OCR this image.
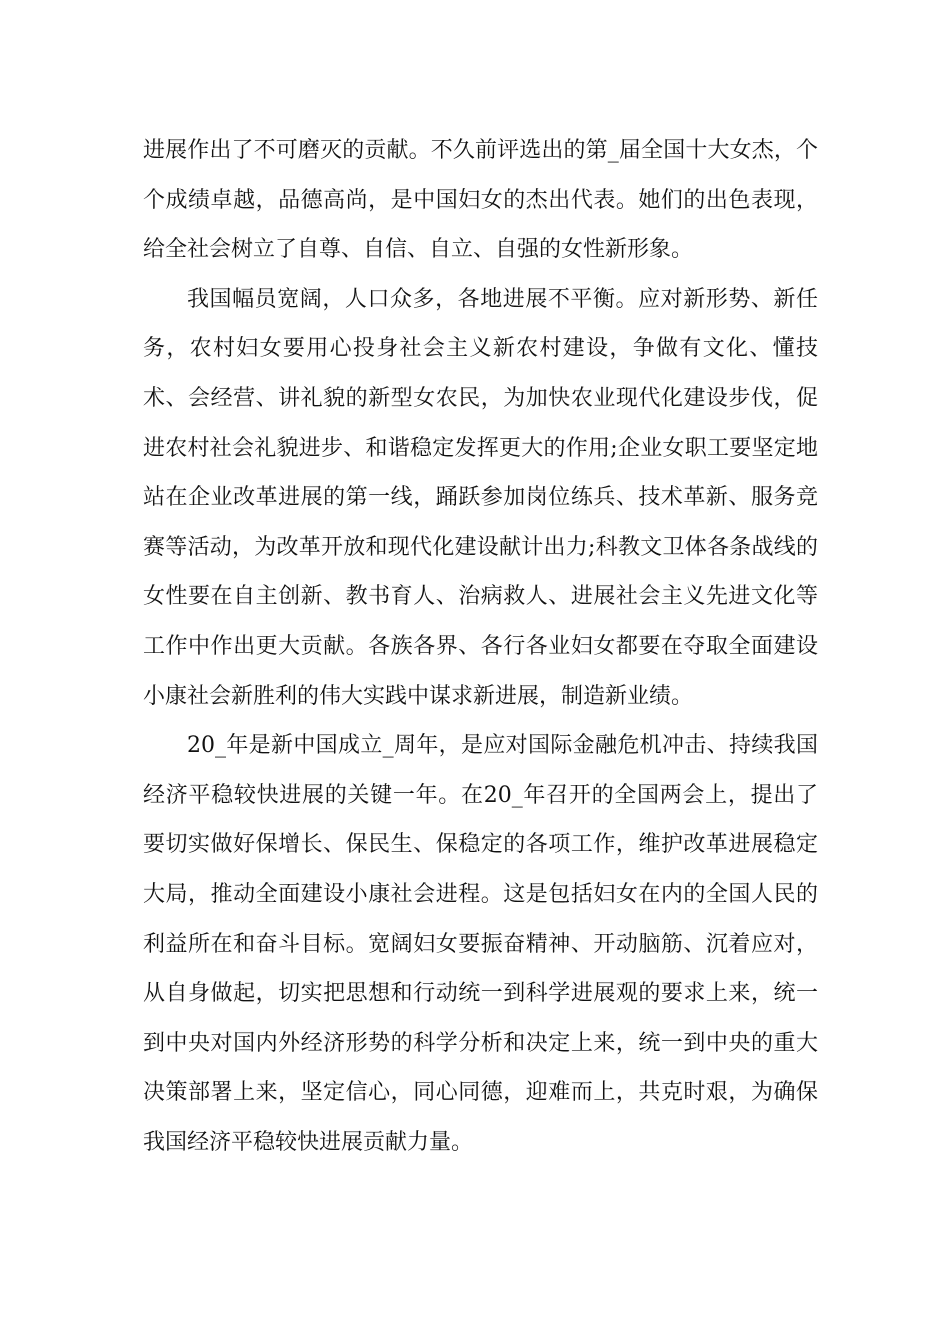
进展作出了不可磨灭的贡献。不久前评选出的第_届全国十大女杰，个个成绩卓越，品德高尚，是中国妇女的杰出代表。她们的出色表现，给全社会树立了自尊、自信、自立、自强的女性新形象。

我国幅员宽阔，人口众多，各地进展不平衡。应对新形势、新任务，农村妇女要用心投身社会主义新农村建设，争做有文化、懂技术、会经营、讲礼貌的新型女农民，为加快农业现代化建设步伐，促进农村社会礼貌进步、和谐稳定发挥更大的作用;企业女职工要坚定地站在企业改革进展的第一线，踊跃参加岗位练兵、技术革新、服务竞赛等活动，为改革开放和现代化建设献计出力;科教文卫体各条战线的女性要在自主创新、教书育人、治病救人、进展社会主义先进文化等工作中作出更大贡献。各族各界、各行各业妇女都要在夺取全面建设小康社会新胜利的伟大实践中谋求新进展，制造新业绩。

20_年是新中国成立_周年，是应对国际金融危机冲击、持续我国经济平稳较快进展的关键一年。在20_年召开的全国两会上，提出了要切实做好保增长、保民生、保稳定的各项工作，维护改革进展稳定大局，推动全面建设小康社会进程。这是包括妇女在内的全国人民的利益所在和奋斗目标。宽阔妇女要振奋精神、开动脑筋、沉着应对，从自身做起，切实把思想和行动统一到科学进展观的要求上来，统一到中央对国内外经济形势的科学分析和决定上来，统一到中央的重大决策部署上来，坚定信心，同心同德，迎难而上，共克时艰，为确保我国经济平稳较快进展贡献力量。
